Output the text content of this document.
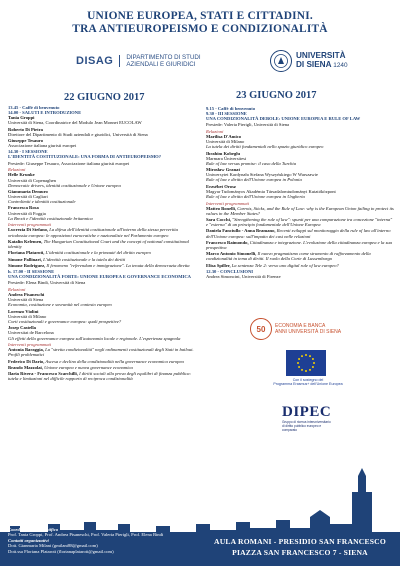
UNIONE EUROPEA, STATI E CITTADINI.
TRA ANTIEUROPEISMO E CONDIZIONALITÀ
DISAG	DIPARTIMENTO DI STUDI
AZIENDALI E GIURIDICI
UNIVERSITÀ
DI SIENA 1240
22 GIUGNO 2017	23 GIUGNO 2017
13.45 - Caffè di benvenuto
14.00 - SALUTI E INTRODUZIONE
Tania Groppi
Università di Siena, Coordinatrice del Modulo Jean Monnet EUCOLAW
Roberto Di Pietra
Direttore del Dipartimento di Studi aziendali e giuridici, Università di Siena
Giuseppe Tesauro
Associazione italiana giuristi europei
14.30 - I SESSIONE
L'IDENTITÀ COSTITUZIONALE: UNA FORMA DI ANTIEUROPEISMO?
Presiede: Giuseppe Tesauro, Associazione italiana giuristi europei
Relazioni
Helle Krunke
Università di Copenaghen
Democratic drivers, identità costituzionale e Unione europea
Giammaria Demuro
Università di Cagliari
Controlimiti e identità costituzionale
Francesca Rosa
Università di Foggia
La Brexit e l'identità costituzionale britannica
Interventi programmati
Lucrezia Di Stefano, La difesa dell'identità costituzionale all'interno della stessa pervertita ortodossia europea: le opposizioni eurocratiche e nazionaliste nel Parlamento europeo
Katalin Kelemen, The Hungarian Constitutional Court and the concept of national constitutional identity
Floriana Plataroti, L'identità costituzionale e la primauté del diritto europeo
Simone Pallinari, L'identità costituzionale e la tutela dei diritti
Simone Rodriguez, Il fenomeno "referendum e immigrazione". La tenuta della democrazia diretta
h. 17.00 - II SESSIONE
UNA CONDIZIONALITÀ FORTE: UNIONE EUROPEA E GOVERNANCE ECONOMICA
Presiede: Elena Bindi, Università di Siena
Relazioni
Andrea Pisaneschi
Università di Siena
Economia, costituzione e sovranità nel contesto europeo
Lorenzo Violini
Università di Milano
Corti costituzionali e governance europea: quali prospettive?
Josep Castella
Universitat de Barcelona
Gli effetti della governance europea sull'autonomia locale e regionale. L'esperienza spagnola
Interventi programmati
Antonia Baraggia, La "stretta condizionalità" negli ordinamenti costituzionali degli Stati in bailout. Profili problematici
Federico Di Dario, Ascesa e declino della condizionalità nella governance economica europea
Brando Mazzolai, Unione europea e nuova governance economica
Ilaria Rivera - Francesco Scarchilli, I diritti sociali alla prova degli equilibri di finanza pubblica: tutela e limitazioni nel difficile rapporto di reciproca condizionalità
9.15 - Caffè di benvenuto
9.30 - III SESSIONE
UNA CONDIZIONALITÀ DEBOLE: UNIONE EUROPEA E RULE OF LAW
Presiede: Valeria Pierigli, Università di Siena
Relazioni
Marilisa D'Amico
Università di Milano
La tutela dei diritti fondamentali nello spazio giuridico europeo
Ibrahim Kobeglu
Marmara Üniversitesi
Rule of law versus promise: il caso della Turchia
Mirosław Granat
Uniwersytet Kardynała Stefana Wyszyńskiego W Warszawie
Rule of law e diritto dell'Unione europea in Polonia
Erzsébet Orosz
Magyar Tudományos Akadémia Társadalomtudományi Kutatóközpont
Rule of law e diritto dell'Unione europea in Ungheria
Interventi programmati
Matteo Bonelli, Carrots, Sticks, and the Rule of Law: why is the European Union failing to protect its values in the Member States?
Sara Cocchi, "Strengthening the rule of law": spunti per una comparazione tra concezione "interna" e "esterna" di un principio fondamentale dell'Unione Europea
Daniela Fanciullo - Anna Bramano, Recenti sviluppi sul monitoraggio della rule of law all'interno dell'Unione europea: sull'impatto dei casi nelle relazioni
Francesco Raimondo, Cittadinanza e integrazione. L'evoluzione della cittadinanza europea e la sua prospettiva
Marco Antonio Simonelli, Il nuovo pragmatismo come strumento di rafforzamento della condizionalità in tema di diritti. Il ruolo della Corte di Lussemburgo
Elisa Spiller, La sentenza Tele 2: verso uno digital rule of law europeo?
12.30 - CONCLUSIONI
Andrea Simoncini, Università di Firenze
50	ECONOMIA E BANCA
ANNI UNIVERSITÀ DI SIENA
Con il sostegno del
Programma Erasmus+ dell'Unione Europea
DIPEC
Gruppo di ricerca interuniversitario
di diritto pubblico europeo e comparato
Coordinamento scientifico
Prof. Tania Groppi, Prof. Andrea Pisaneschi, Prof. Valeria Pierigli, Prof. Elena Bindi
Contatti organizzativi
Dott. Gianmaria Milani (gmilani88@gmail.com)
Dott.ssa Floriana Plataroti (florianaplataroti@gmail.com)
AULA ROMANI - PRESIDIO SAN FRANCESCO
PIAZZA SAN FRANCESCO 7 - SIENA
